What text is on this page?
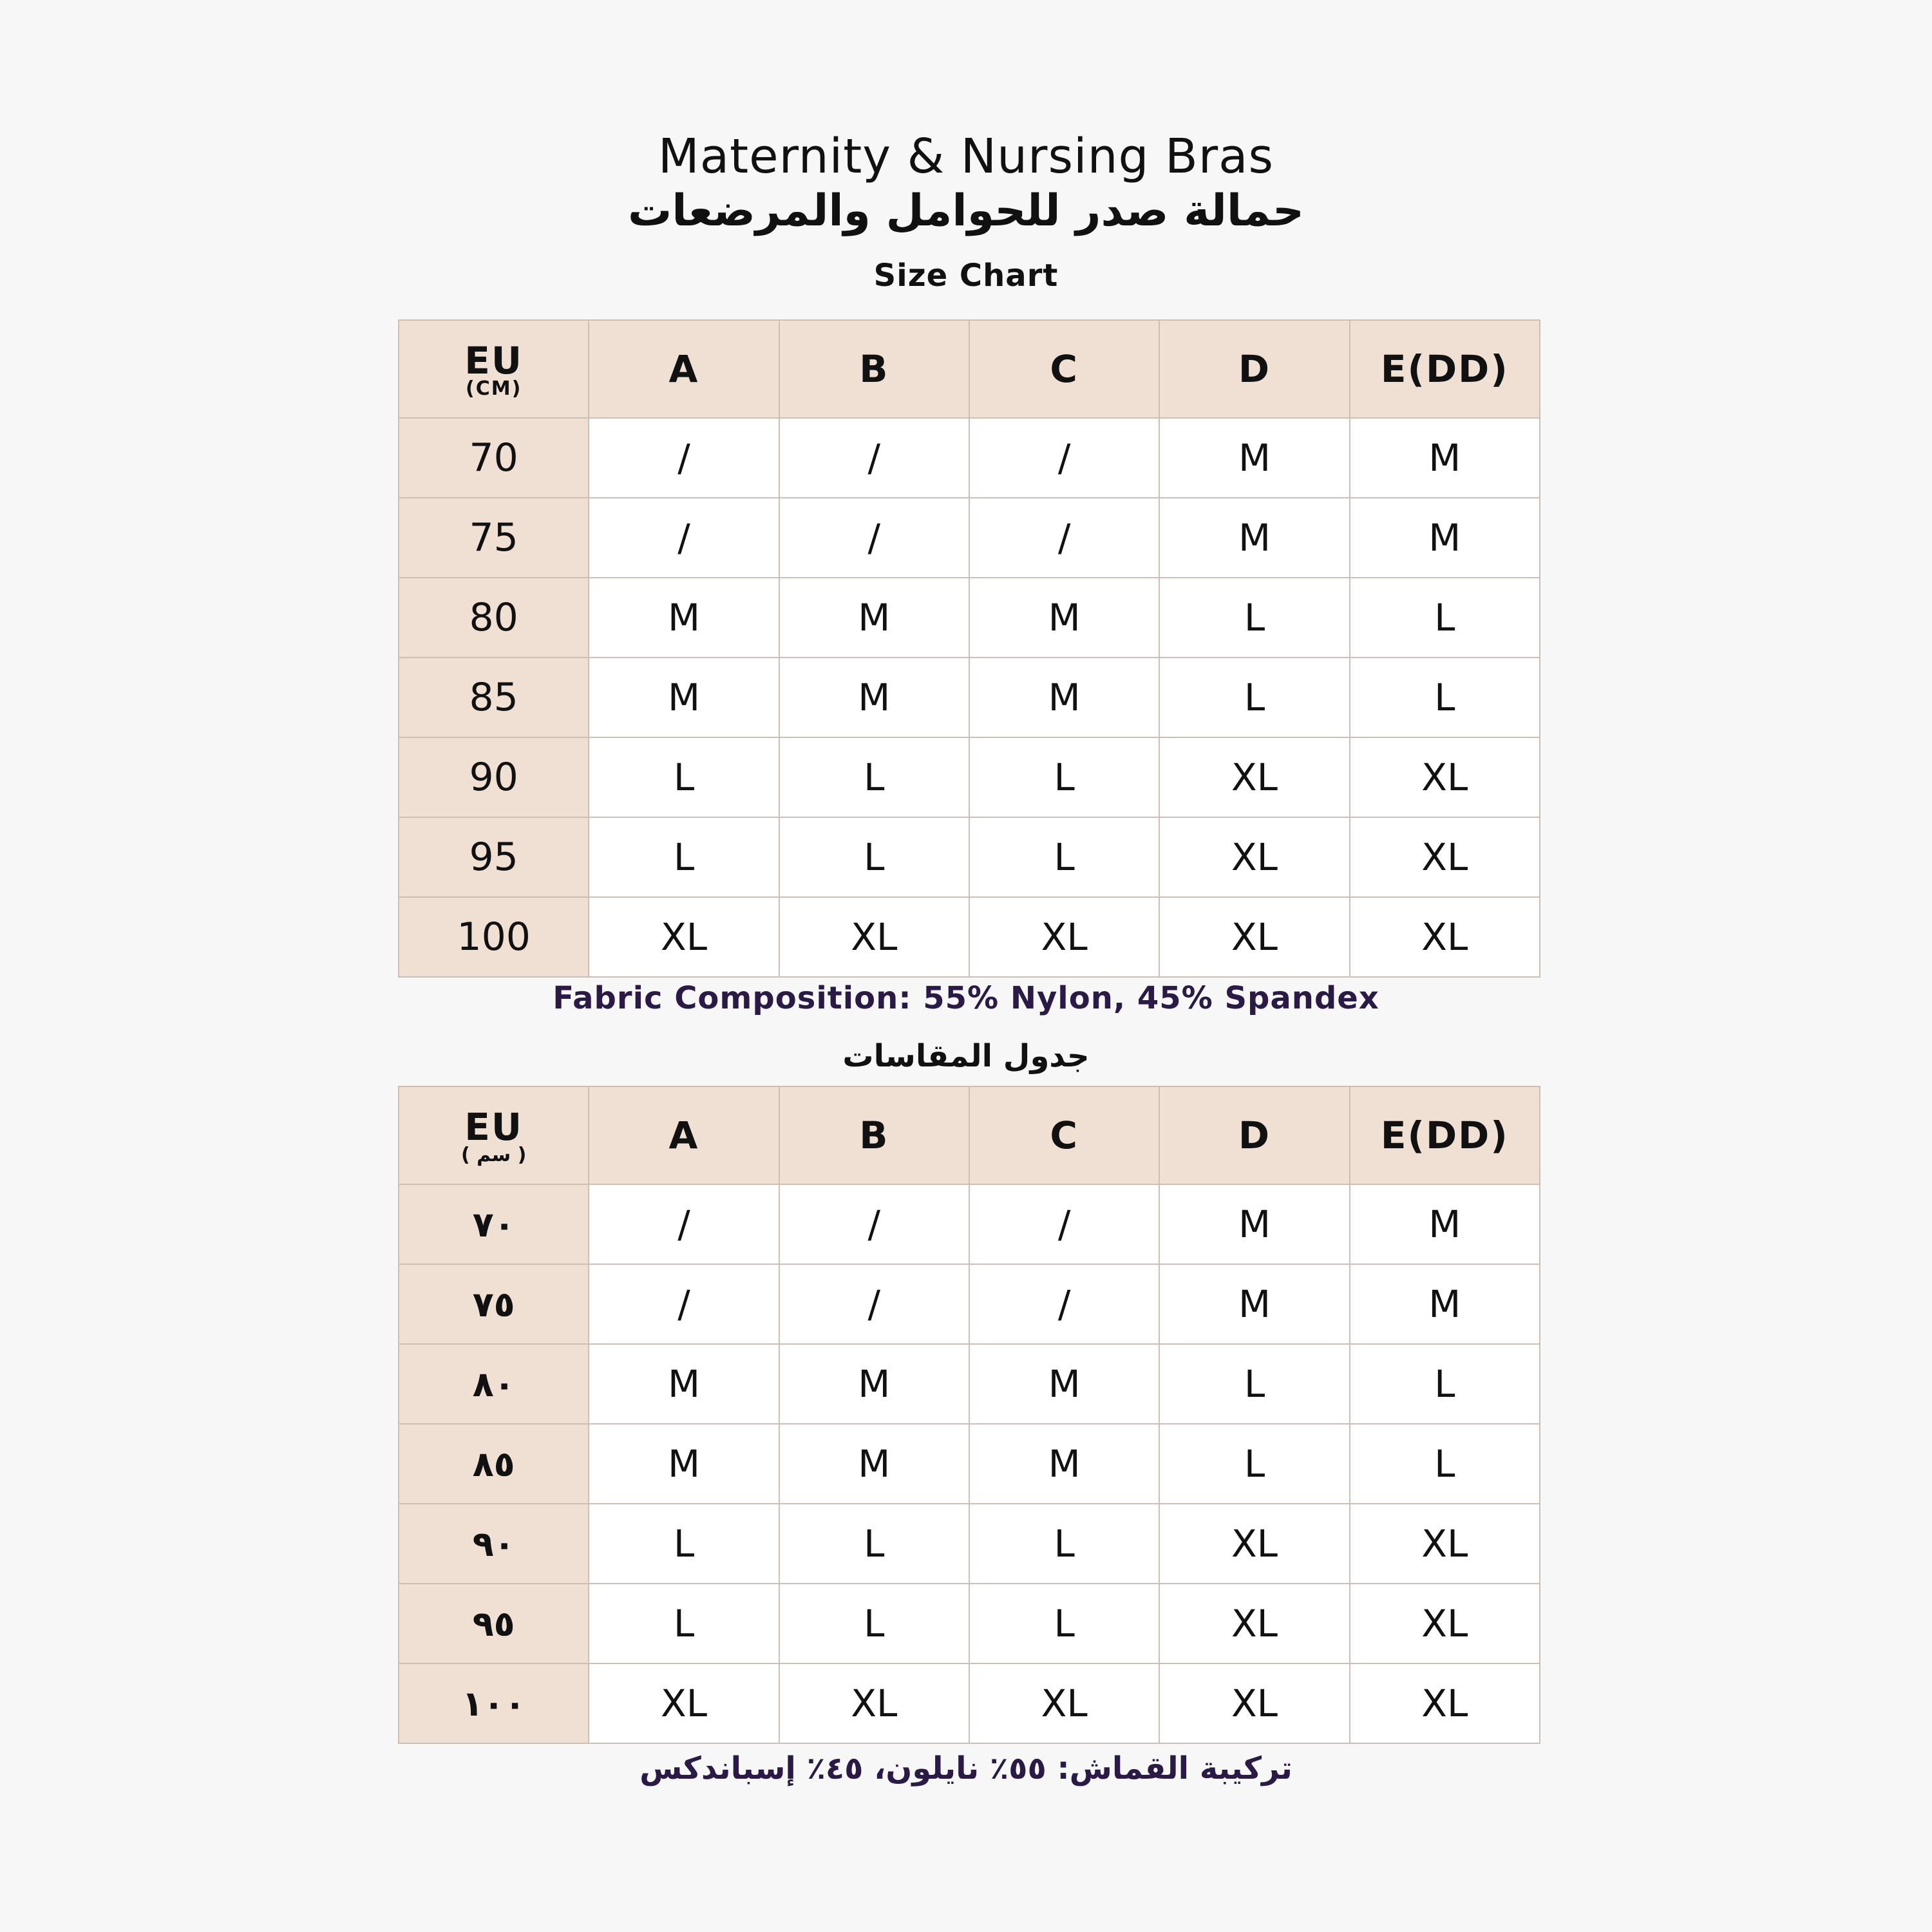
Maternity & Nursing Bras
حمالة صدر للحوامل والمرضعات
Size Chart
EU
(CM)	A	B	C	D	E(DD)
70	/	/	/	M	M
75	/	/	/	M	M
80	M	M	M	L	L
85	M	M	M	L	L
90	L	L	L	XL	XL
95	L	L	L	XL	XL
100	XL	XL	XL	XL	XL
Fabric Composition: 55% Nylon, 45% Spandex
جدول المقاسات
EU
( سم )	A	B	C	D	E(DD)
٧٠	/	/	/	M	M
٧٥	/	/	/	M	M
٨٠	M	M	M	L	L
٨٥	M	M	M	L	L
٩٠	L	L	L	XL	XL
٩٥	L	L	L	XL	XL
١٠٠	XL	XL	XL	XL	XL
تركيبة القماش: ٥٥٪ نايلون، ٤٥٪ إسباندكس
